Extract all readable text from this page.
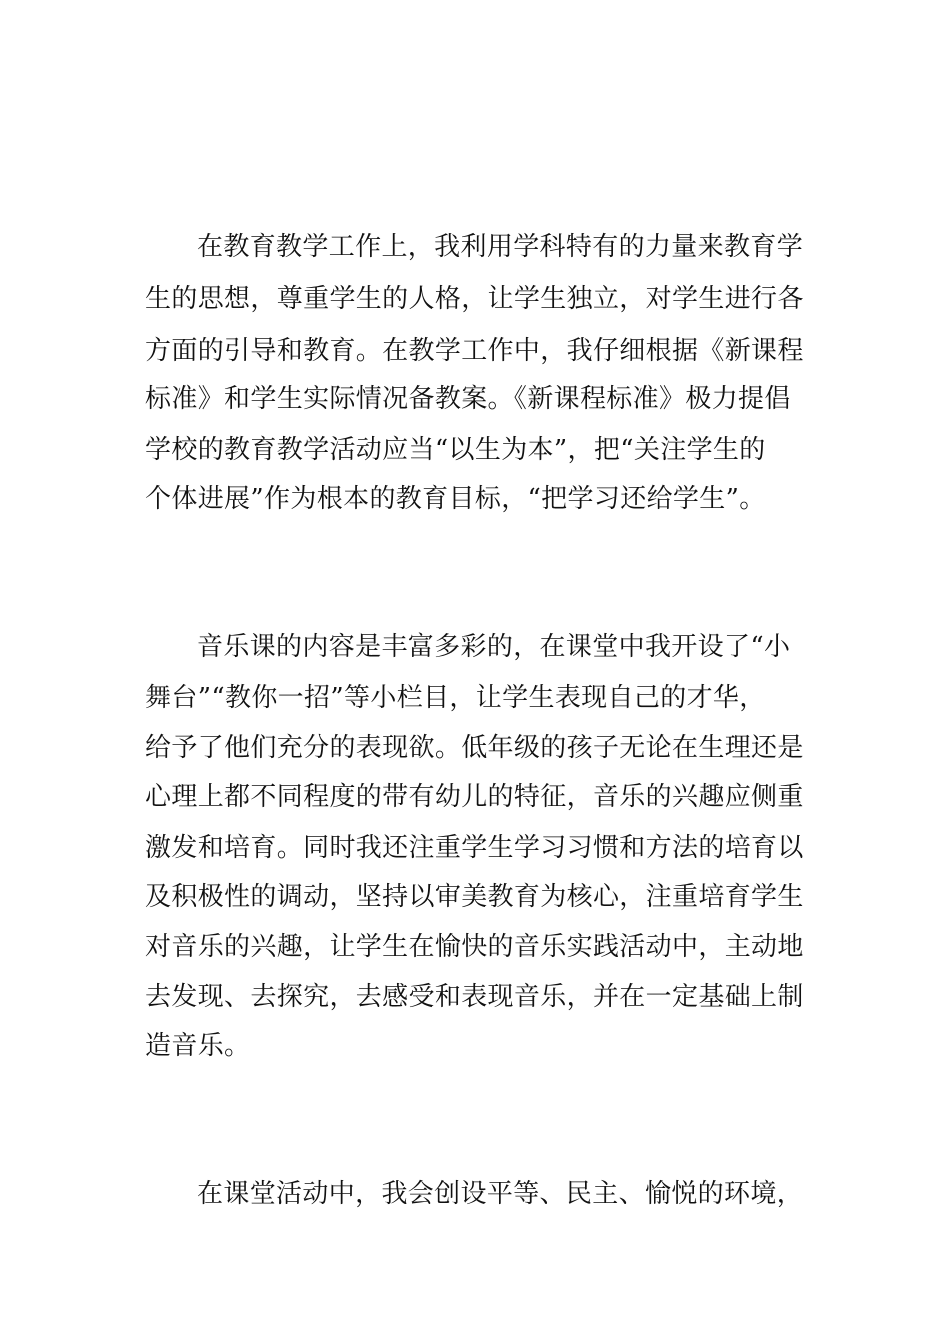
在教育教学工作上，我利用学科特有的力量来教育学
生的思想，尊重学生的人格，让学生独立，对学生进行各
方面的引导和教育。在教学工作中，我仔细根据《新课程
标准》和学生实际情况备教案。《新课程标准》极力提倡
学校的教育教学活动应当“以生为本”，把“关注学生的
个体进展”作为根本的教育目标，“把学习还给学生”。
音乐课的内容是丰富多彩的，在课堂中我开设了“小
舞台”“教你一招”等小栏目，让学生表现自己的才华，
给予了他们充分的表现欲。低年级的孩子无论在生理还是
心理上都不同程度的带有幼儿的特征，音乐的兴趣应侧重
激发和培育。同时我还注重学生学习习惯和方法的培育以
及积极性的调动，坚持以审美教育为核心，注重培育学生
对音乐的兴趣，让学生在愉快的音乐实践活动中，主动地
去发现、去探究，去感受和表现音乐，并在一定基础上制
造音乐。
在课堂活动中，我会创设平等、民主、愉悦的环境，
